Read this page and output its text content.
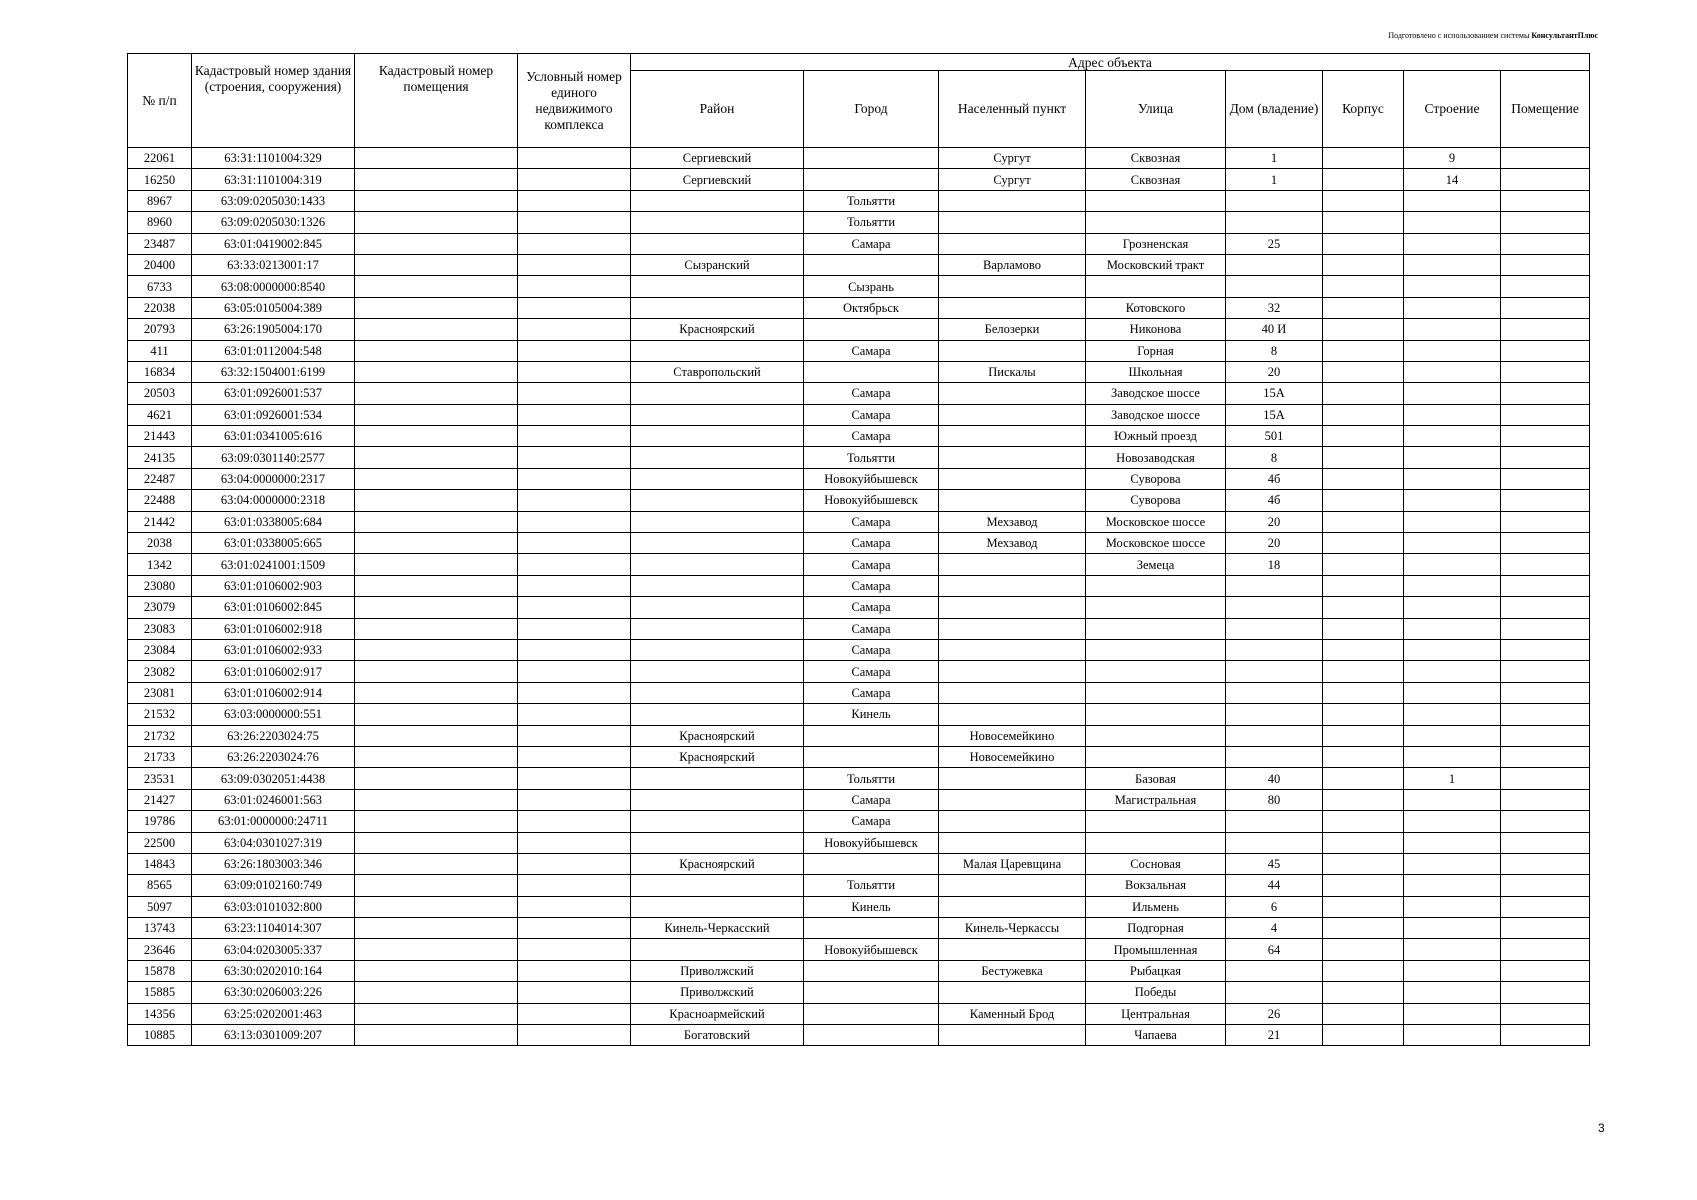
Подготовлено с использованием системы КонсультантПлюс
№ п/п	Кадастровый номер здания (строения, сооружения)	Кадастровый номер помещения	Условный номер единого недвижимого комплекса	Адрес объекта							
				Район	Город	Населенный пункт	Улица	Дом (владение)	Корпус	Строение	Помещение
22061	63:31:1101004:329			Сергиевский		Сургут	Сквозная	1		9	
16250	63:31:1101004:319			Сергиевский		Сургут	Сквозная	1		14	
8967	63:09:0205030:1433				Тольятти						
8960	63:09:0205030:1326				Тольятти						
23487	63:01:0419002:845				Самара		Грозненская	25			
20400	63:33:0213001:17			Сызранский		Варламово	Московский тракт				
6733	63:08:0000000:8540				Сызрань						
22038	63:05:0105004:389				Октябрьск		Котовского	32			
20793	63:26:1905004:170			Красноярский		Белозерки	Никонова	40 И			
411	63:01:0112004:548				Самара		Горная	8			
16834	63:32:1504001:6199			Ставропольский		Пискалы	Школьная	20			
20503	63:01:0926001:537				Самара		Заводское шоссе	15А			
4621	63:01:0926001:534				Самара		Заводское шоссе	15А			
21443	63:01:0341005:616				Самара		Южный проезд	501			
24135	63:09:0301140:2577				Тольятти		Новозаводская	8			
22487	63:04:0000000:2317				Новокуйбышевск		Суворова	4б			
22488	63:04:0000000:2318				Новокуйбышевск		Суворова	4б			
21442	63:01:0338005:684				Самара	Мехзавод	Московское шоссе	20			
2038	63:01:0338005:665				Самара	Мехзавод	Московское шоссе	20			
1342	63:01:0241001:1509				Самара		Земеца	18			
23080	63:01:0106002:903				Самара						
23079	63:01:0106002:845				Самара						
23083	63:01:0106002:918				Самара						
23084	63:01:0106002:933				Самара						
23082	63:01:0106002:917				Самара						
23081	63:01:0106002:914				Самара						
21532	63:03:0000000:551				Кинель						
21732	63:26:2203024:75			Красноярский		Новосемейкино					
21733	63:26:2203024:76			Красноярский		Новосемейкино					
23531	63:09:0302051:4438				Тольятти		Базовая	40		1	
21427	63:01:0246001:563				Самара		Магистральная	80			
19786	63:01:0000000:24711				Самара						
22500	63:04:0301027:319				Новокуйбышевск						
14843	63:26:1803003:346			Красноярский		Малая Царевщина	Сосновая	45			
8565	63:09:0102160:749				Тольятти		Вокзальная	44			
5097	63:03:0101032:800				Кинель		Ильмень	6			
13743	63:23:1104014:307			Кинель-Черкасский		Кинель-Черкассы	Подгорная	4			
23646	63:04:0203005:337				Новокуйбышевск		Промышленная	64			
15878	63:30:0202010:164			Приволжский		Бестужевка	Рыбацкая				
15885	63:30:0206003:226			Приволжский			Победы				
14356	63:25:0202001:463			Красноармейский		Каменный Брод	Центральная	26			
10885	63:13:0301009:207			Богатовский			Чапаева	21			
3
